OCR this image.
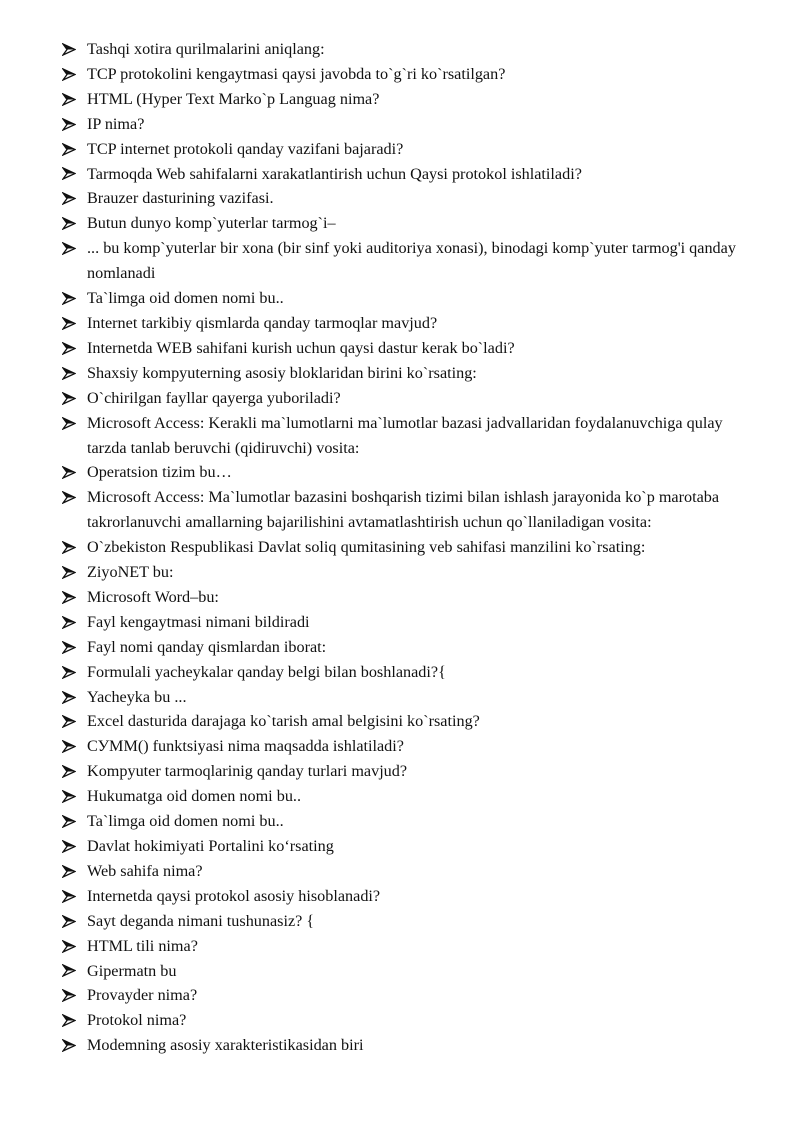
Tashqi xotira qurilmalarini aniqlang:
TCP protokolini kengaytmasi qaysi javobda to`g`ri ko`rsatilgan?
HTML (Hyper Text Marko`p Languag nima?
IP nima?
TCP internet protokoli qanday vazifani bajaradi?
Tarmoqda Web sahifalarni xarakatlantirish uchun Qaysi protokol ishlatiladi?
Brauzer dasturining vazifasi.
Butun dunyo komp`yuterlar tarmog`i–
... bu komp`yuterlar bir xona (bir sinf yoki auditoriya xonasi), binodagi komp`yuter tarmog'i qanday nomlanadi
Ta`limga oid domen nomi bu..
Internet tarkibiy qismlarda qanday tarmoqlar mavjud?
Internetda WEB sahifani kurish uchun qaysi dastur kerak bo`ladi?
Shaxsiy kompyuterning asosiy bloklaridan birini ko`rsating:
O`chirilgan fayllar qayerga yuboriladi?
Microsoft Access: Kerakli ma`lumotlarni ma`lumotlar bazasi jadvallaridan foydalanuvchiga qulay tarzda tanlab beruvchi (qidiruvchi) vosita:
Operatsion tizim bu…
Microsoft Access: Ma`lumotlar bazasini boshqarish tizimi bilan ishlash jarayonida ko`p marotaba takrorlanuvchi amallarning bajarilishini avtamatlashtirish uchun qo`llaniladigan vosita:
O`zbekiston Respublikasi Davlat soliq qumitasining veb sahifasi manzilini ko`rsating:
ZiyoNET bu:
Microsoft Word–bu:
Fayl kengaytmasi nimani bildiradi
Fayl nomi qanday qismlardan iborat:
Formulali yacheykalar qanday belgi bilan boshlanadi?{
Yacheyka bu ...
Excel dasturida darajaga ko`tarish amal belgisini ko`rsating?
СУММ() funktsiyasi nima maqsadda ishlatiladi?
Kompyuter tarmoqlarinig qanday turlari mavjud?
Hukumatga oid domen nomi bu..
Ta`limga oid domen nomi bu..
Davlat hokimiyati Portalini koʻrsating
Web sahifa nima?
Internetda qaysi protokol asosiy hisoblanadi?
Sayt deganda nimani tushunasiz? {
HTML tili nima?
Gipermatn bu
Provayder nima?
Protokol nima?
Modemning asosiy xarakteristikasidan biri
